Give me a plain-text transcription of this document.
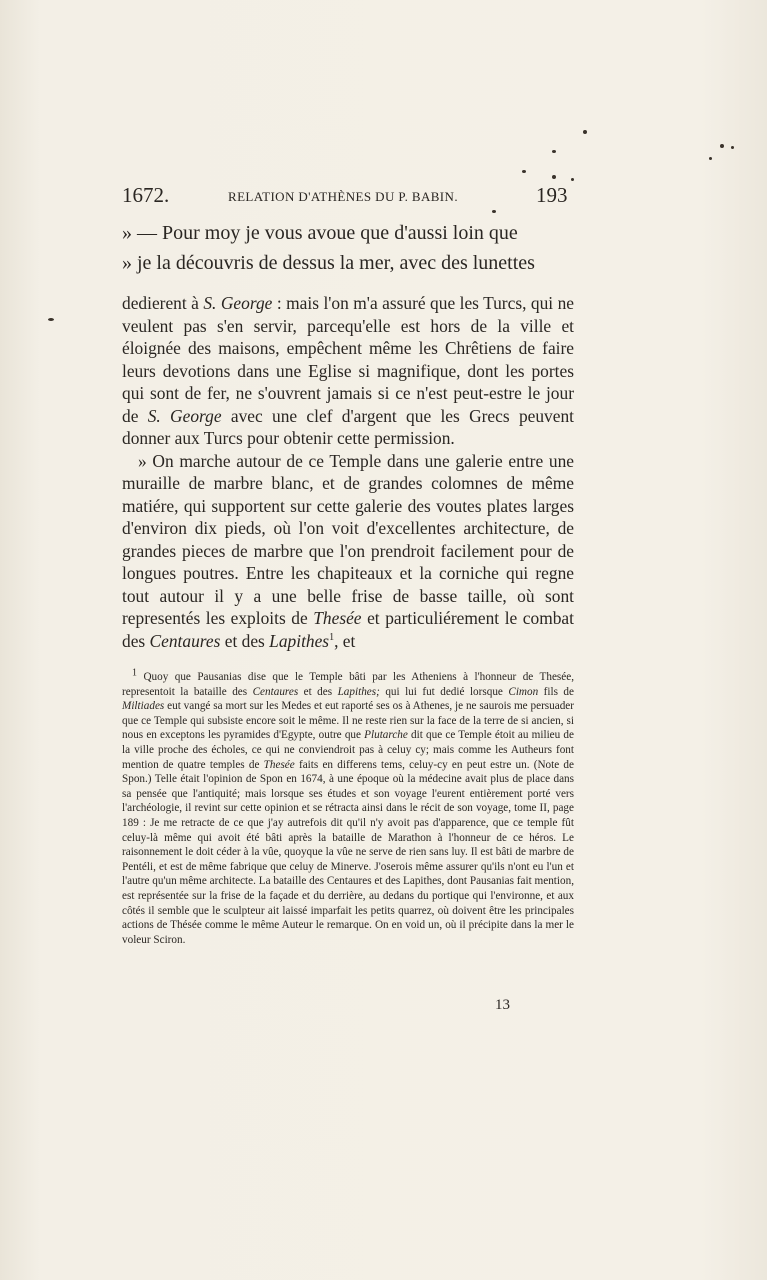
1672.	RELATION D'ATHÈNES DU P. BABIN.	193

» — Pour moy je vous avoue que d'aussi loin que

» je la découvris de dessus la mer, avec des lunettes

dedierent à S. George : mais l'on m'a assuré que les Turcs, qui ne veulent pas s'en servir, parcequ'elle est hors de la ville et éloignée des maisons, empêchent même les Chrêtiens de faire leurs devotions dans une Eglise si magnifique, dont les portes qui sont de fer, ne s'ouvrent jamais si ce n'est peut-estre le jour de S. George avec une clef d'argent que les Grecs peuvent donner aux Turcs pour obtenir cette permission.

» On marche autour de ce Temple dans une galerie entre une muraille de marbre blanc, et de grandes colomnes de même matiére, qui supportent sur cette galerie des voutes plates larges d'environ dix pieds, où l'on voit d'excellentes architecture, de grandes pieces de marbre que l'on prendroit facilement pour de longues poutres. Entre les chapiteaux et la corniche qui regne tout autour il y a une belle frise de basse taille, où sont representés les exploits de Thesée et particuliérement le combat des Centaures et des Lapithes$^1$, et

$^1$ Quoy que Pausanias dise que le Temple bâti par les Atheniens à l'honneur de Thesée, representoit la bataille des Centaures et des Lapithes; qui lui fut dedié lorsque Cimon fils de Miltiades eut vangé sa mort sur les Medes et eut raporté ses os à Athenes, je ne saurois me persuader que ce Temple qui subsiste encore soit le même. Il ne reste rien sur la face de la terre de si ancien, si nous en exceptons les pyramides d'Egypte, outre que Plutarche dit que ce Temple étoit au milieu de la ville proche des écholes, ce qui ne conviendroit pas à celuy cy; mais comme les Autheurs font mention de quatre temples de Thesée faits en differens tems, celuy-cy en peut estre un. (Note de Spon.) Telle était l'opinion de Spon en 1674, à une époque où la médecine avait plus de place dans sa pensée que l'antiquité; mais lorsque ses études et son voyage l'eurent entièrement porté vers l'archéologie, il revint sur cette opinion et se rétracta ainsi dans le récit de son voyage, tome II, page 189 : Je me retracte de ce que j'ay autrefois dit qu'il n'y avoit pas d'apparence, que ce temple fût celuy-là même qui avoit été bâti après la bataille de Marathon à l'honneur de ce héros. Le raisonnement le doit céder à la vûe, quoyque la vûe ne serve de rien sans luy. Il est bâti de marbre de Pentéli, et est de même fabrique que celuy de Minerve. J'oserois même assurer qu'ils n'ont eu l'un et l'autre qu'un même architecte. La bataille des Centaures et des Lapithes, dont Pausanias fait mention, est représentée sur la frise de la façade et du derrière, au dedans du portique qui l'environne, et aux côtés il semble que le sculpteur ait laissé imparfait les petits quarrez, où doivent être les principales actions de Thésée comme le même Auteur le remarque. On en void un, où il précipite dans la mer le voleur Sciron.

13
